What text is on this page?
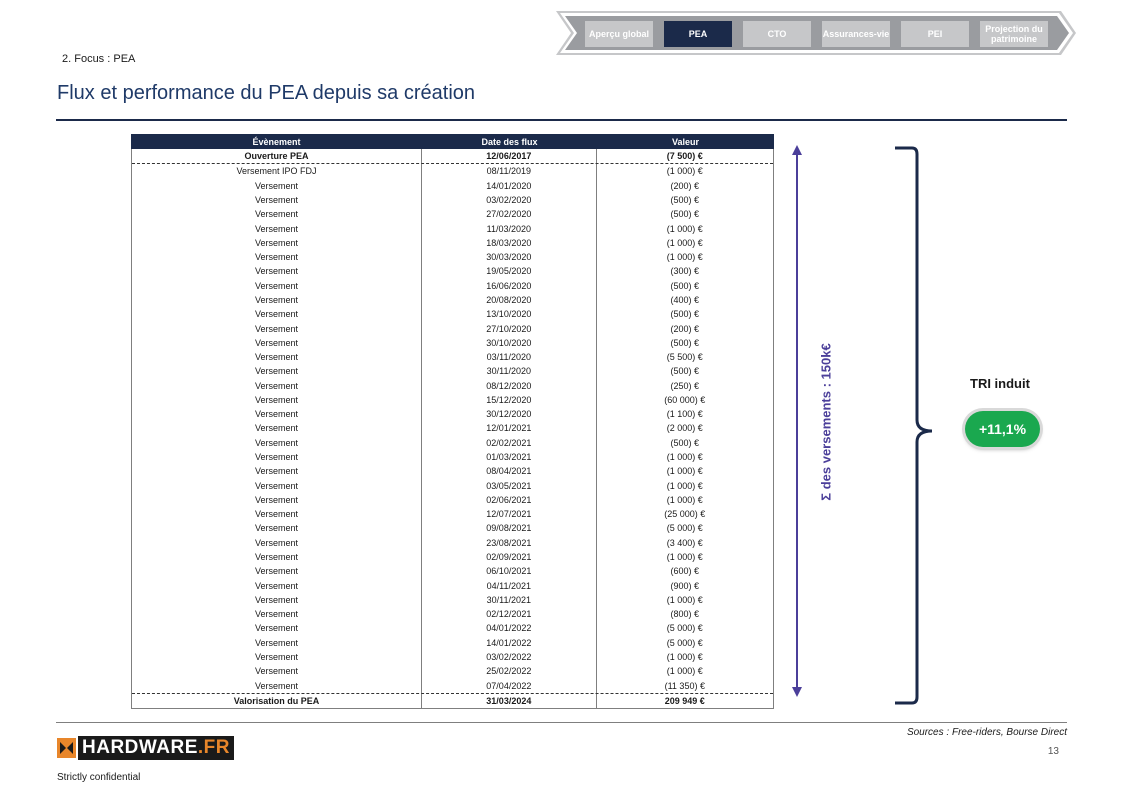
Aperçu global	PEA	CTO	Assurances-vie	PEI	Projection du patrimoine
2. Focus : PEA
Flux et performance du PEA depuis sa création
Évènement	Date des flux	Valeur
Ouverture PEA	12/06/2017	(7 500) €
Versement IPO FDJ	08/11/2019	(1 000) €
Versement	14/01/2020	(200) €
Versement	03/02/2020	(500) €
Versement	27/02/2020	(500) €
Versement	11/03/2020	(1 000) €
Versement	18/03/2020	(1 000) €
Versement	30/03/2020	(1 000) €
Versement	19/05/2020	(300) €
Versement	16/06/2020	(500) €
Versement	20/08/2020	(400) €
Versement	13/10/2020	(500) €
Versement	27/10/2020	(200) €
Versement	30/10/2020	(500) €
Versement	03/11/2020	(5 500) €
Versement	30/11/2020	(500) €
Versement	08/12/2020	(250) €
Versement	15/12/2020	(60 000) €
Versement	30/12/2020	(1 100) €
Versement	12/01/2021	(2 000) €
Versement	02/02/2021	(500) €
Versement	01/03/2021	(1 000) €
Versement	08/04/2021	(1 000) €
Versement	03/05/2021	(1 000) €
Versement	02/06/2021	(1 000) €
Versement	12/07/2021	(25 000) €
Versement	09/08/2021	(5 000) €
Versement	23/08/2021	(3 400) €
Versement	02/09/2021	(1 000) €
Versement	06/10/2021	(600) €
Versement	04/11/2021	(900) €
Versement	30/11/2021	(1 000) €
Versement	02/12/2021	(800) €
Versement	04/01/2022	(5 000) €
Versement	14/01/2022	(5 000) €
Versement	03/02/2022	(1 000) €
Versement	25/02/2022	(1 000) €
Versement	07/04/2022	(11 350) €
Valorisation du PEA	31/03/2024	209 949 €
Σ des versements : 150k€	TRI induit
+11,1%
Sources : Free-riders, Bourse Direct
13
HARDWARE.FR
Strictly confidential
